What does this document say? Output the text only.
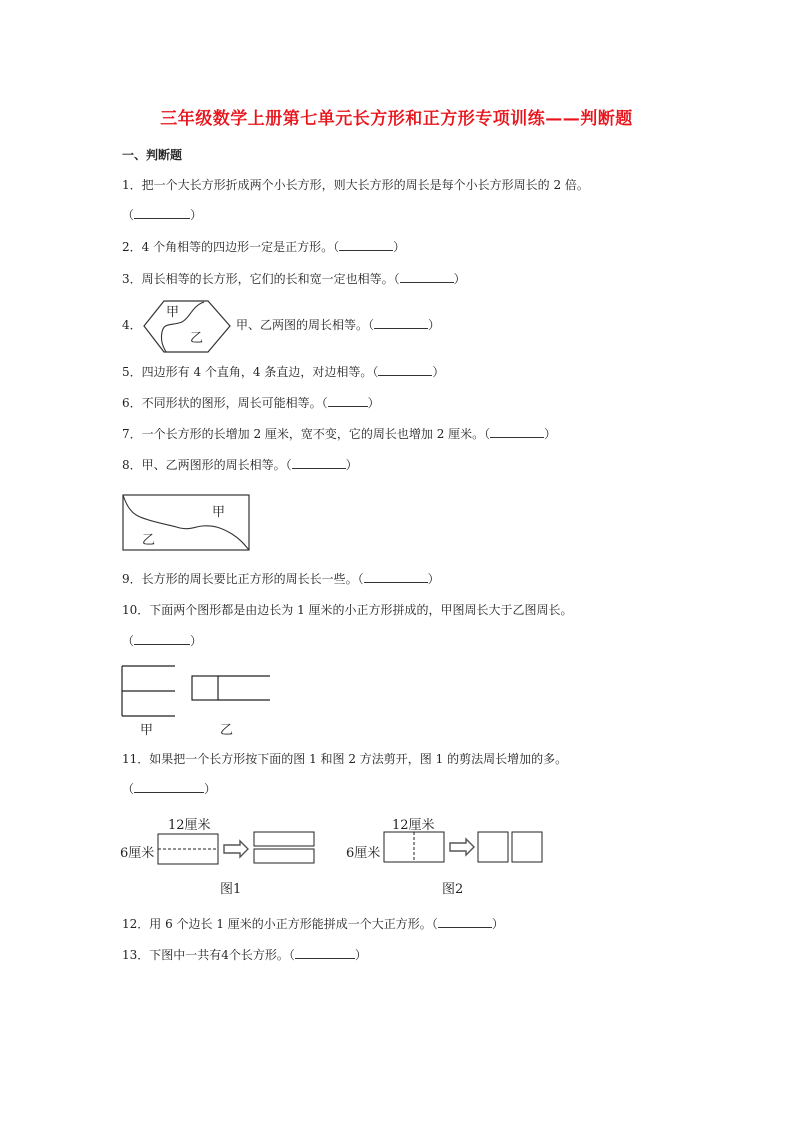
三年级数学上册第七单元长方形和正方形专项训练——判断题
一、判断题
1．把一个大长方形折成两个小长方形，则大长方形的周长是每个小长方形周长的 2 倍。
（	）
2．4 个角相等的四边形一定是正方形。（	）
3．周长相等的长方形，它们的长和宽一定也相等。（	）
4．
甲
乙
甲、乙两图的周长相等。（	）
5．四边形有 4 个直角，4 条直边，对边相等。（	）
6．不同形状的图形，周长可能相等。（	）
7．一个长方形的长增加 2 厘米，宽不变，它的周长也增加 2 厘米。（	）
8．甲、乙两图形的周长相等。（	）
甲
乙
9．长方形的周长要比正方形的周长长一些。（	）
10．下面两个图形都是由边长为 1 厘米的小正方形拼成的，甲图周长大于乙图周长。
（	）
甲	乙
11．如果把一个长方形按下面的图 1 和图 2 方法剪开，图 1 的剪法周长增加的多。
（	）
12厘米
6厘米
图1
12厘米
6厘米
图2
12．用 6 个边长 1 厘米的小正方形能拼成一个大正方形。（	）
13．下图中一共有4个长方形。（	）
